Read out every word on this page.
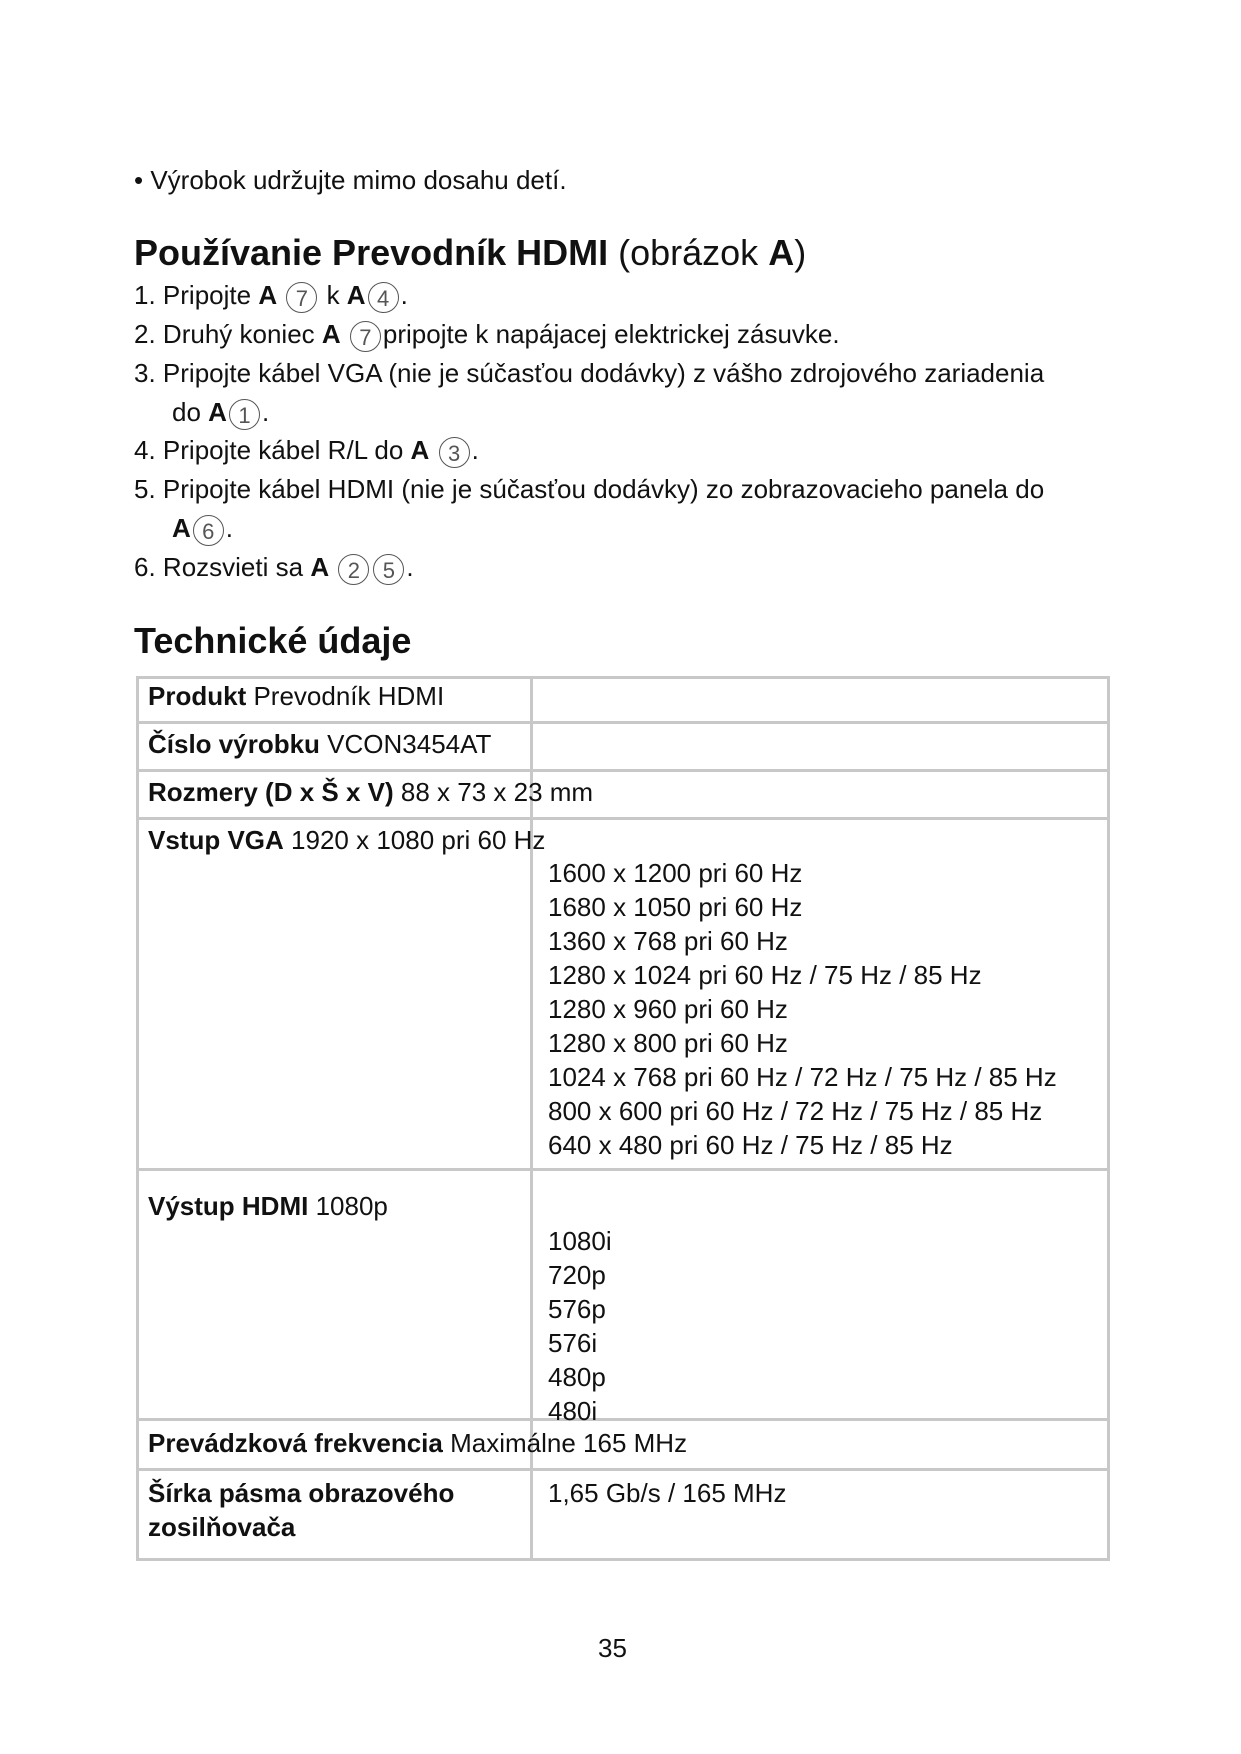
• Výrobok udržujte mimo dosahu detí.
Používanie Prevodník HDMI (obrázok A)
1. Pripojte A 7 k A 4 .
2. Druhý koniec A 7 pripojte k napájacej elektrickej zásuvke.
3. Pripojte kábel VGA (nie je súčasťou dodávky) z vášho zdrojového zariadenia
do A 1 .
4. Pripojte kábel R/L do A 3 .
5. Pripojte kábel HDMI (nie je súčasťou dodávky) zo zobrazovacieho panela do
A 6 .
6. Rozsvieti sa A 2 5 .
Technické údaje
Produkt Prevodník HDMI
Číslo výrobku VCON3454AT
Rozmery (D x Š x V) 88 x 73 x 23 mm
Vstup VGA 1920 x 1080 pri 60 Hz
1600 x 1200 pri 60 Hz
1680 x 1050 pri 60 Hz
1360 x 768 pri 60 Hz
1280 x 1024 pri 60 Hz / 75 Hz / 85 Hz
1280 x 960 pri 60 Hz
1280 x 800 pri 60 Hz
1024 x 768 pri 60 Hz / 72 Hz / 75 Hz / 85 Hz
800 x 600 pri 60 Hz / 72 Hz / 75 Hz / 85 Hz
640 x 480 pri 60 Hz / 75 Hz / 85 Hz
Výstup HDMI 1080p
1080i
720p
576p
576i
480p
480i
Prevádzková frekvencia Maximálne 165 MHz
Šírka pásma obrazového
zosilňovača
1,65 Gb/s / 165 MHz
35
